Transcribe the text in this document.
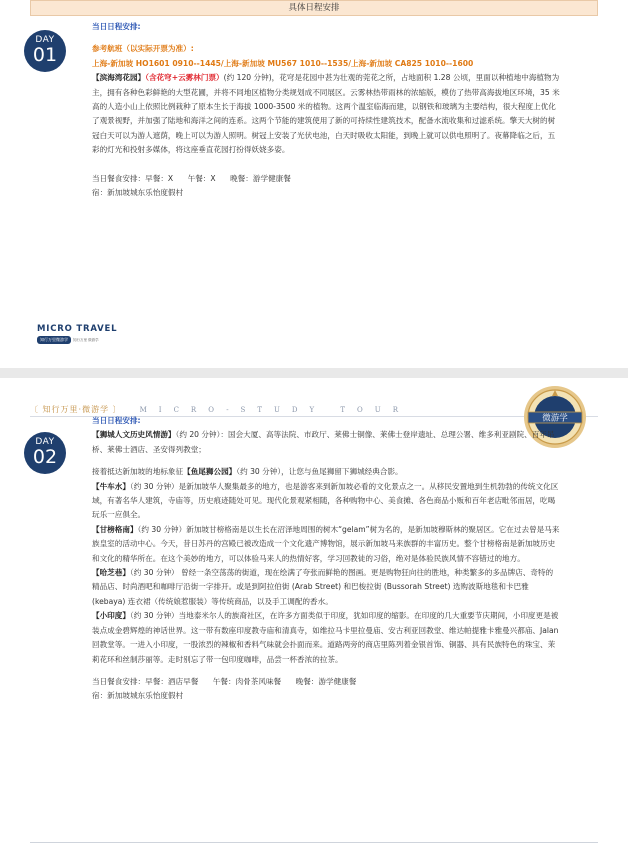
具体日程安排
DAY
01

当日日程安排:

参考航班（以实际开票为准）:

上海-新加坡 HO1601 0910--1445/上海-新加坡 MU567 1010--1535/上海-新加坡 CA825 1010--1600

【滨海湾花园】（含花穹+云雾林门票）(约 120 分钟)，花穹是花园中甚为壮观的莞花之所，占地面积 1.28 公顷，里面以种植地中海植物为主，拥有各种色彩鲜艳的大型花圃，并将不同地区植物分类规划成不同展区。云雾林热带雨林的浓缩版，模仿了热带高海拔地区环境，35 米高的人造小山上依照比例栽种了原本生长于海拔 1000-3500 米的植物。这两个温室临海而建，以钢铁和玻璃为主要结构，很大程度上优化了观景视野，并加强了陆地和海洋之间的连系。这两个节能的建筑使用了新的可持续性建筑技术，配备水流收集和过滤系统。擎天大树的树冠白天可以为游人遮荫，晚上可以为游人照明。树冠上安装了光伏电池，白天时吸收太阳能，到晚上就可以供电照明了。夜幕降临之后，五彩的灯光和投射多媒体，将这座垂直花园打扮得妖娆多姿。

当日餐食安排：早餐：X      午餐：X      晚餐：游学健康餐

宿：新加坡城东乐怡度假村

MICRO TRAVEL
知行万里微游学	知行万里 微游学
〔 知行万里·微游学 〕	MICRO-STUDY TOUR
微游学
DAY
02

当日日程安排:

【狮城人文历史风情游】（约 20 分钟）：国会大厦、高等法院、市政厅、莱佛士铜像、莱佛士登岸遗址、总理公署、维多利亚剧院、百年吊桥、莱佛士酒店、圣安得列教堂；

接着抵达新加坡的地标象征【鱼尾狮公园】（约 30 分钟），让您与鱼尾狮留下狮城经典合影。

【牛车水】（约 30 分钟）是新加坡华人聚集最多的地方，也是游客来到新加坡必看的文化景点之一。从移民安置地到生机勃勃的传统文化区域，有著名华人建筑，寺庙等，历史痕迹随处可见。现代化景观紧相随，各种购物中心、美食摊、各色商品小贩和百年老店毗邻而居，吃喝玩乐一应俱全。

【甘榜格南】（约 30 分钟）新加坡甘榜格南是以生长在沼泽地周围的树木“gelam”树为名的，是新加坡穆斯林的聚居区。它在过去曾是马来族皇室的活动中心。今天，昔日苏丹的宫殿已被改造成一个文化遗产博物馆，展示新加坡马来族群的丰富历史。整个甘榜格南是新加坡历史和文化的精华所在。在这个美妙的地方，可以体验马来人的热情好客，学习回教徒的习俗，绝对是体验民族风情不容错过的地方。

【哈芝巷】（约 30 分钟） 曾经一条空荡荡的街道，现在绘满了夸张而鲜艳的图画。更是购物狂向往的胜地，种类繁多的多品牌店、奇特的精品店、时尚酒吧和咖啡厅沿街一字排开。或是到阿拉伯街 (Arab Street) 和巴梭拉街 (Bussorah Street) 选购波斯地毯和卡巴雅 (kebaya) 连衣裙（传统娘惹服装）等传统商品，以及手工调配的香水。

【小印度】（约 30 分钟）当地泰米尔人的族裔社区，在许多方面类似于印度，犹如印度的缩影。在印度的几大重要节庆期间，小印度更是被装点成金碧辉煌的神话世界。这一带有数座印度教寺庙和清真寺，如维拉马卡里拉曼庙、安古利亚回教堂、维达帕提雅卡雅曼兴都庙、Jalan 回教堂等。一进入小印度，一股浓烈的辣椒和香料气味就会扑面而来。道路两旁的商店里陈列着金银首饰、铜器、具有民族特色的珠宝、茉莉花环和丝制莎丽等。走时别忘了带一包印度咖啡，品尝一杯香浓的拉茶。

当日餐食安排：早餐：酒店早餐      午餐：肉骨茶风味餐      晚餐：游学健康餐

宿：新加坡城东乐怡度假村
